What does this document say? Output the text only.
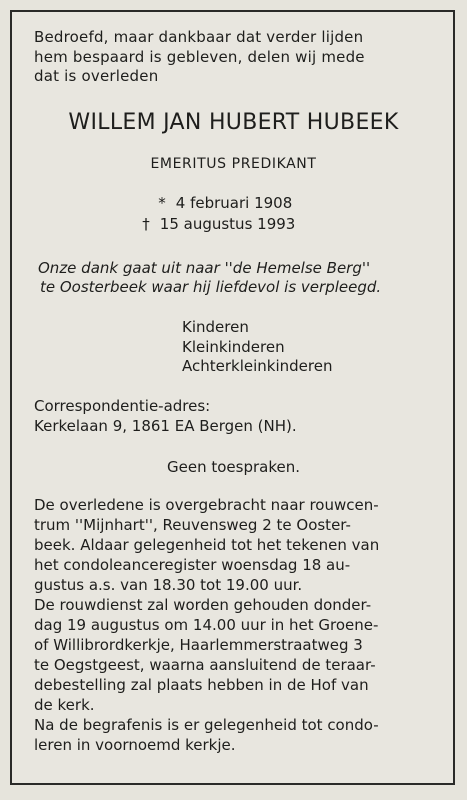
Bedroefd, maar dankbaar dat verder lijden
hem bespaard is gebleven, delen wij mede
dat is overleden
WILLEM JAN HUBERT HUBEEK
EMERITUS PREDIKANT
* 4 februari 1908
† 15 augustus 1993
Onze dank gaat uit naar ''de Hemelse Berg''
te Oosterbeek waar hij liefdevol is verpleegd.
Kinderen
Kleinkinderen
Achterkleinkinderen
Correspondentie-adres:
Kerkelaan 9, 1861 EA Bergen (NH).
Geen toespraken.
De overledene is overgebracht naar rouwcen-
trum ''Mijnhart'', Reuvensweg 2 te Ooster-
beek. Aldaar gelegenheid tot het tekenen van
het condoleanceregister woensdag 18 au-
gustus a.s. van 18.30 tot 19.00 uur.
De rouwdienst zal worden gehouden donder-
dag 19 augustus om 14.00 uur in het Groene-
of Willibrordkerkje, Haarlemmerstraatweg 3
te Oegstgeest, waarna aansluitend de teraar-
debestelling zal plaats hebben in de Hof van
de kerk.
Na de begrafenis is er gelegenheid tot condo-
leren in voornoemd kerkje.
